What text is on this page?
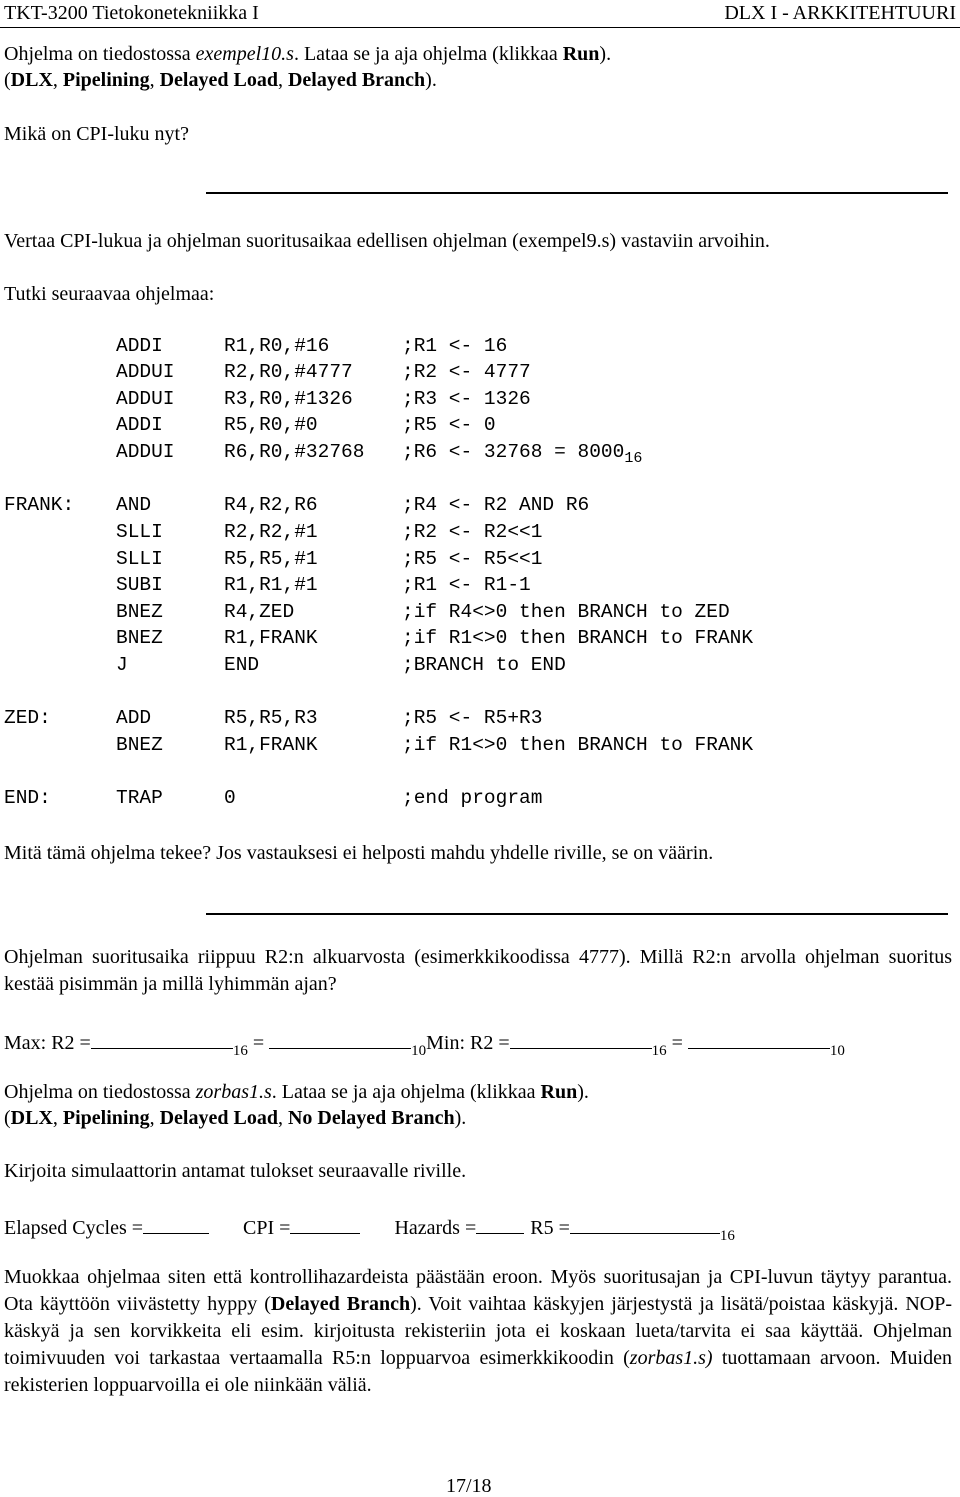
TKT-3200 Tietokonetekniikka I	DLX I - ARKKITEHTUURI
Ohjelma on tiedostossa exempel10.s. Lataa se ja aja ohjelma (klikkaa Run).
(DLX, Pipelining, Delayed Load, Delayed Branch).
Mikä on CPI-luku nyt?
Vertaa CPI-lukua ja ohjelman suoritusaikaa edellisen ohjelman (exempel9.s) vastaviin arvoihin.
Tutki seuraavaa ohjelmaa:
ADDI	R1,R0,#16	;R1 <- 16
ADDUI	R2,R0,#4777	;R2 <- 4777
ADDUI	R3,R0,#1326	;R3 <- 1326
ADDI	R5,R0,#0	;R5 <- 0
ADDUI	R6,R0,#32768 ;R6 <- $32768 = 8000_{16}$
FRANK: AND	R4,R2,R6	;R4 <- R2 AND R6
SLLI	R2,R2,#1	;R2 <- R2<<1
SLLI	R5,R5,#1	;R5 <- R5<<1
SUBI	R1,R1,#1	;R1 <- R1-1
BNEZ	R4,ZED	;if R4<>0 then BRANCH to ZED
BNEZ	R1,FRANK	;if R1<>0 then BRANCH to FRANK
J	END	;BRANCH to END
ZED:	ADD	R5,R5,R3	;R5 <- R5+R3
BNEZ	R1,FRANK	;if R1<>0 then BRANCH to FRANK
END:	TRAP	0	;end program
Mitä tämä ohjelma tekee? Jos vastauksesi ei helposti mahdu yhdelle riville, se on väärin.
Ohjelman suoritusaika riippuu R2:n alkuarvosta (esimerkkikoodissa 4777). Millä R2:n arvolla ohjelman suoritus kestää pisimmän ja millä lyhimmän ajan?
Max: R2 =	$_{16}$ =	$_{10}$Min: R2 =	$_{16}$ =	$_{10}$
Ohjelma on tiedostossa zorbas1.s. Lataa se ja aja ohjelma (klikkaa Run).
(DLX, Pipelining, Delayed Load, No Delayed Branch).
Kirjoita simulaattorin antamat tulokset seuraavalle riville.
Elapsed Cycles =	CPI =	Hazards =	R5 =	$_{16}$
Muokkaa ohjelmaa siten että kontrollihazardeista päästään eroon. Myös suoritusajan ja CPI-luvun täytyy parantua. Ota käyttöön viivästetty hyppy (Delayed Branch). Voit vaihtaa käskyjen järjestystä ja lisätä/poistaa käskyjä. NOP-käskyä ja sen korvikkeita eli esim. kirjoitusta rekisteriin jota ei koskaan lueta/tarvita ei saa käyttää. Ohjelman toimivuuden voi tarkastaa vertaamalla R5:n loppuarvoa esimerkkikoodin (zorbas1.s) tuottamaan arvoon. Muiden rekisterien loppuarvoilla ei ole niinkään väliä.
17/18
